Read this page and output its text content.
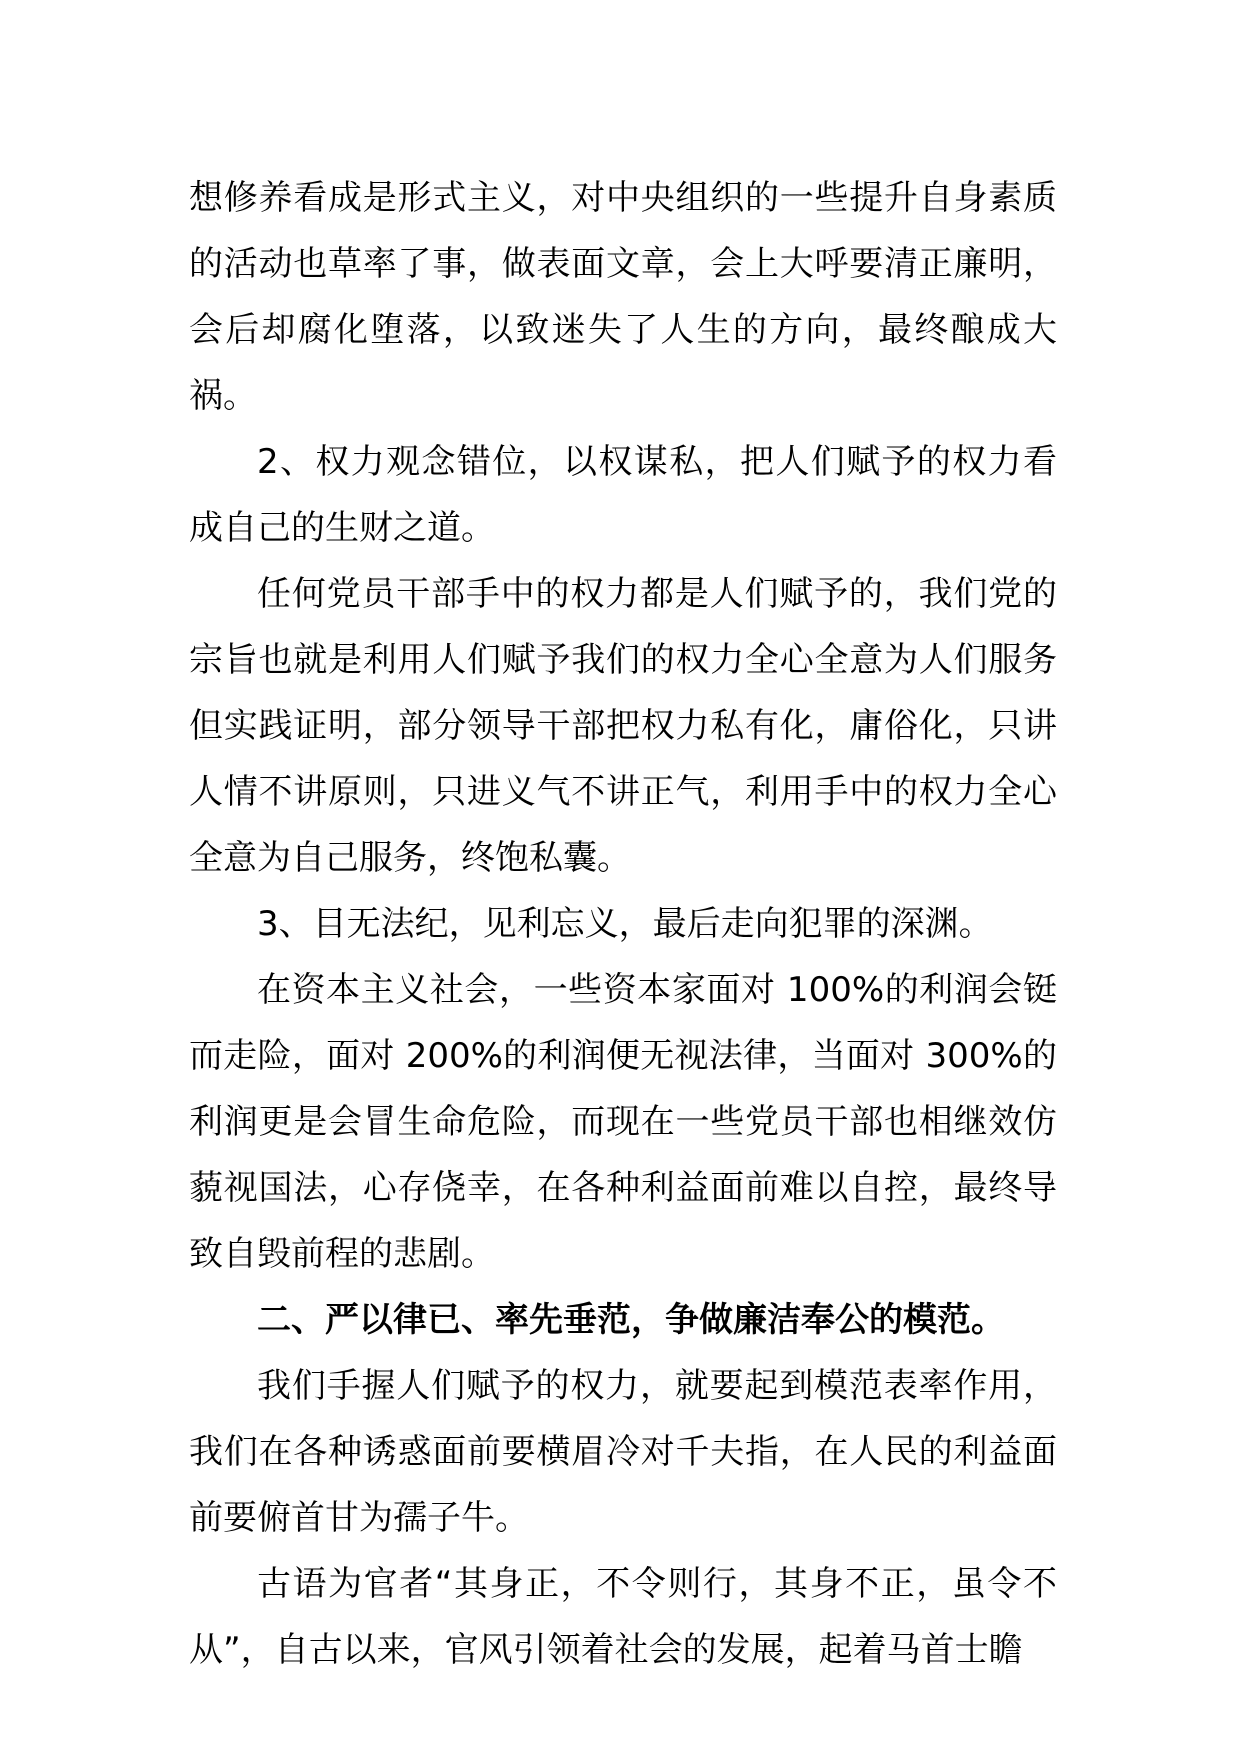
想修养看成是形式主义，对中央组织的一些提升自身素质的活动也草率了事，做表面文章，会上大呼要清正廉明，会后却腐化堕落，以致迷失了人生的方向，最终酿成大祸。

2、权力观念错位，以权谋私，把人们赋予的权力看成自己的生财之道。

任何党员干部手中的权力都是人们赋予的，我们党的宗旨也就是利用人们赋予我们的权力全心全意为人们服务但实践证明，部分领导干部把权力私有化，庸俗化，只讲人情不讲原则，只进义气不讲正气，利用手中的权力全心全意为自己服务，终饱私囊。

3、目无法纪，见利忘义，最后走向犯罪的深渊。

在资本主义社会，一些资本家面对 100%的利润会铤而走险，面对 200%的利润便无视法律，当面对 300%的利润更是会冒生命危险，而现在一些党员干部也相继效仿藐视国法，心存侥幸，在各种利益面前难以自控，最终导致自毁前程的悲剧。

二、严以律已、率先垂范，争做廉洁奉公的模范。

我们手握人们赋予的权力，就要起到模范表率作用，我们在各种诱惑面前要横眉冷对千夫指，在人民的利益面前要俯首甘为孺子牛。

古语为官者“其身正，不令则行，其身不正，虽令不从”，自古以来，官风引领着社会的发展，起着马首士瞻
